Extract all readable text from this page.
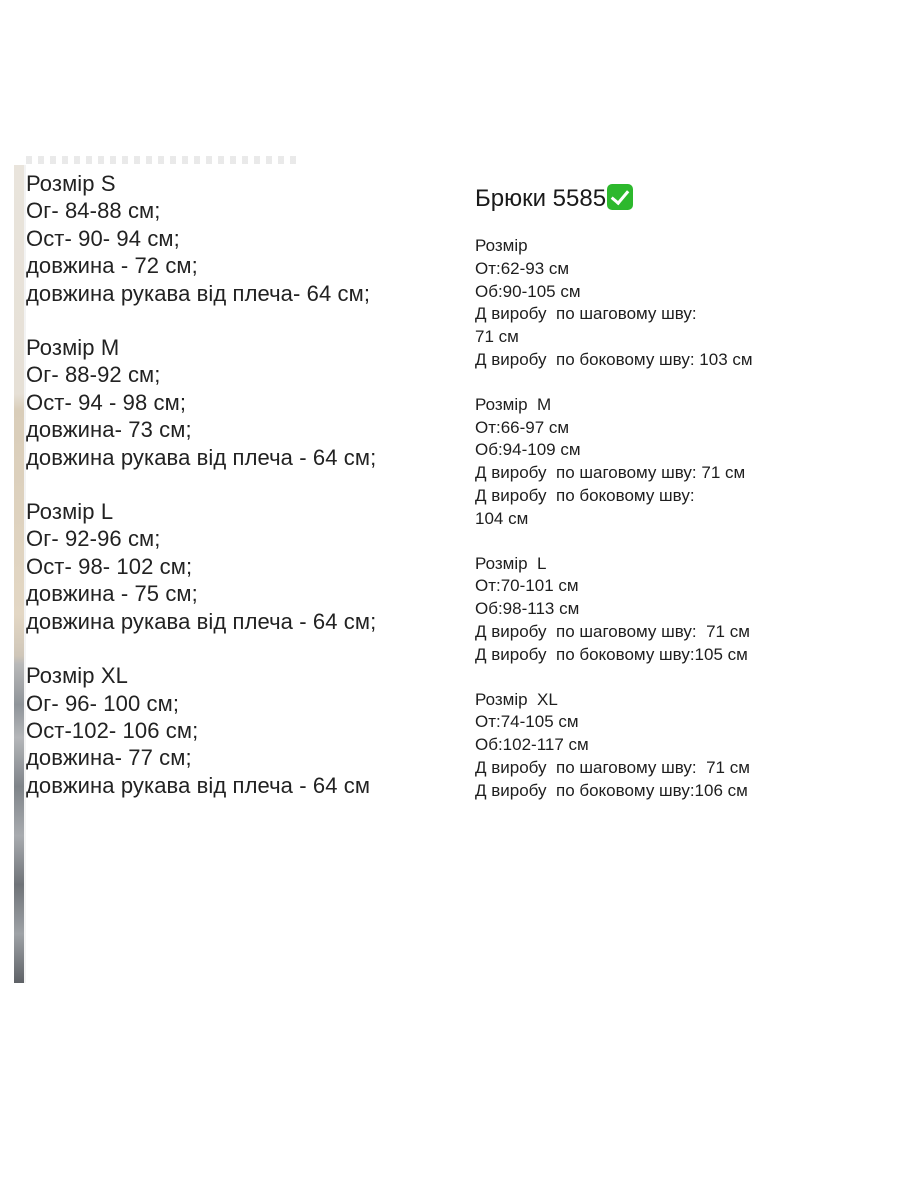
Розмір S
Ог- 84-88 см;
Ост- 90- 94 см;
довжина - 72 см;
довжина рукава від плеча- 64 см;
Розмір M
Ог- 88-92 см;
Ост- 94 - 98 см;
довжина- 73 см;
довжина рукава від плеча - 64 см;
Розмір L
Ог- 92-96 см;
Ост- 98- 102 см;
довжина - 75 см;
довжина рукава від плеча - 64 см;
Розмір XL
Ог- 96- 100 см;
Ост-102- 106 см;
довжина- 77 см;
довжина рукава від плеча - 64 см
Брюки 5585
Розмір
От:62-93 см
Об:90-105 см
Д виробу  по шаговому шву:
71 см
Д виробу  по боковому шву: 103 см
Розмір  M
От:66-97 см
Об:94-109 см
Д виробу  по шаговому шву: 71 см
Д виробу  по боковому шву:
104 см
Розмір  L
От:70-101 см
Об:98-113 см
Д виробу  по шаговому шву:  71 см
Д виробу  по боковому шву:105 см
Розмір  XL
От:74-105 см
Об:102-117 см
Д виробу  по шаговому шву:  71 см
Д виробу  по боковому шву:106 см
